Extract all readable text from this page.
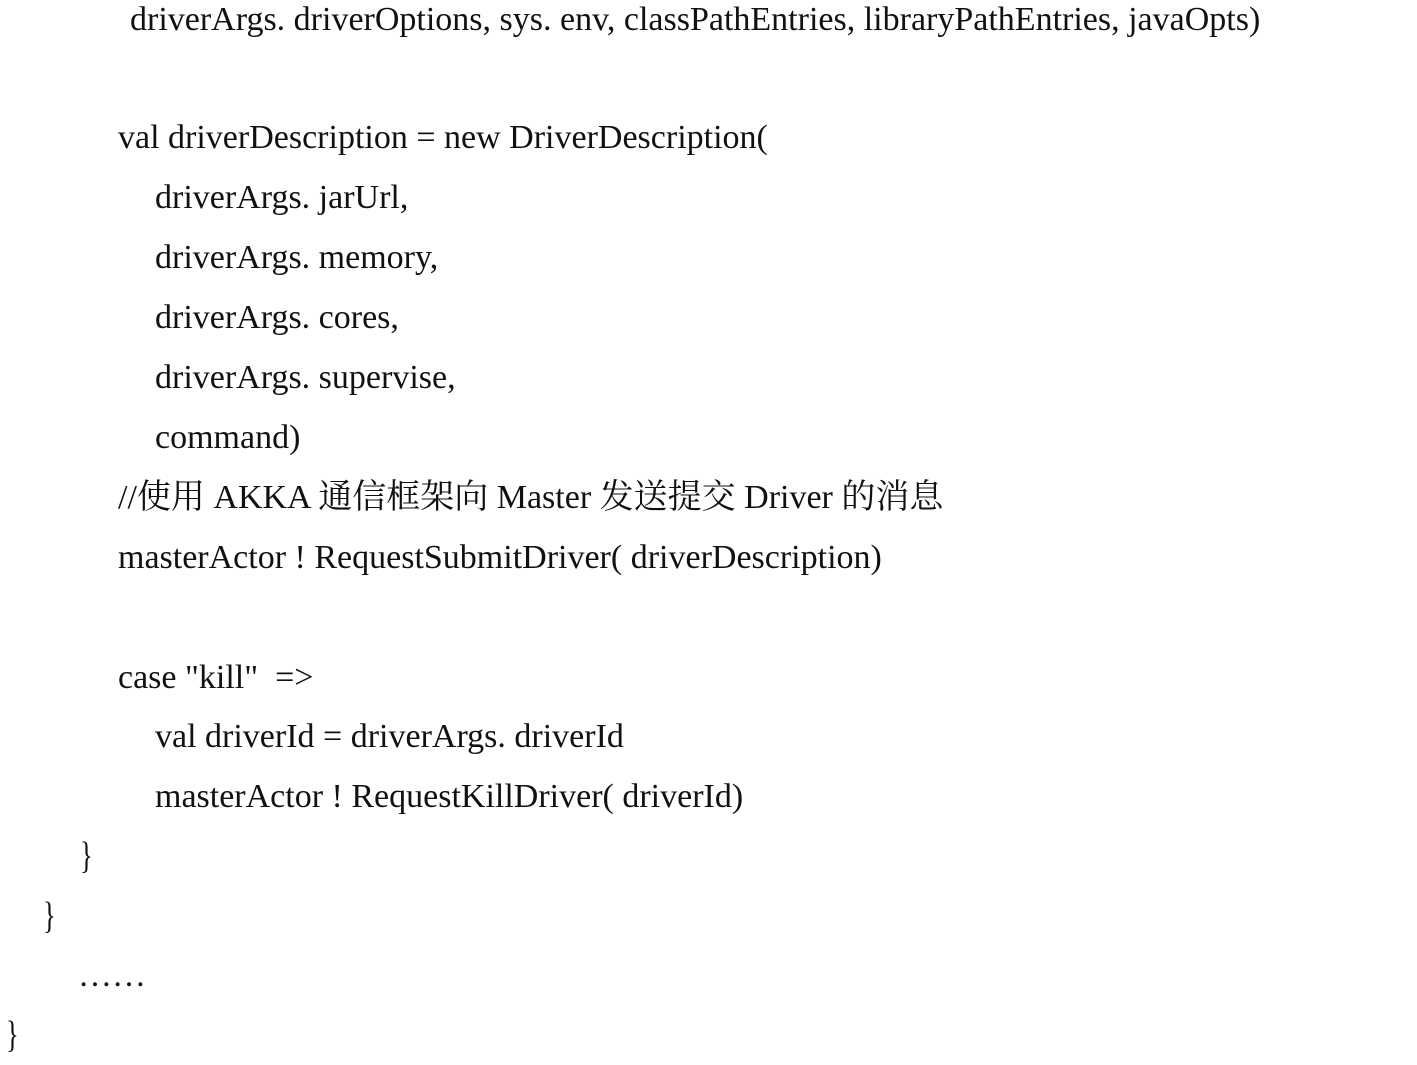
driverArgs. driverOptions, sys. env, classPathEntries, libraryPathEntries, javaOpts)
val driverDescription = new DriverDescription(
driverArgs. jarUrl,
driverArgs. memory,
driverArgs. cores,
driverArgs. supervise,
command)
//使用 AKKA 通信框架向 Master 发送提交 Driver 的消息
masterActor ! RequestSubmitDriver( driverDescription)
case "kill"  =>
val driverId = driverArgs. driverId
masterActor ! RequestKillDriver( driverId)
}
}
……
}
